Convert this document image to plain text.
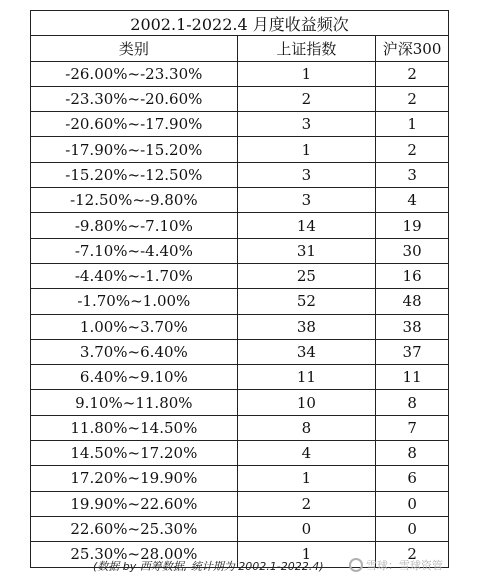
2002.1-2022.4 月度收益频次		
类别	上证指数	沪深300
-26.00%~-23.30%	1	2
-23.30%~-20.60%	2	2
-20.60%~-17.90%	3	1
-17.90%~-15.20%	1	2
-15.20%~-12.50%	3	3
-12.50%~-9.80%	3	4
-9.80%~-7.10%	14	19
-7.10%~-4.40%	31	30
-4.40%~-1.70%	25	16
-1.70%~1.00%	52	48
1.00%~3.70%	38	38
3.70%~6.40%	34	37
6.40%~9.10%	11	11
9.10%~11.80%	10	8
11.80%~14.50%	8	7
14.50%~17.20%	4	8
17.20%~19.90%	1	6
19.90%~22.60%	2	0
22.60%~25.30%	0	0
25.30%~28.00%	1	2
(数据 by 西筹数据, 统计期为 2002.1-2022.4)	雪球：雪球资管
